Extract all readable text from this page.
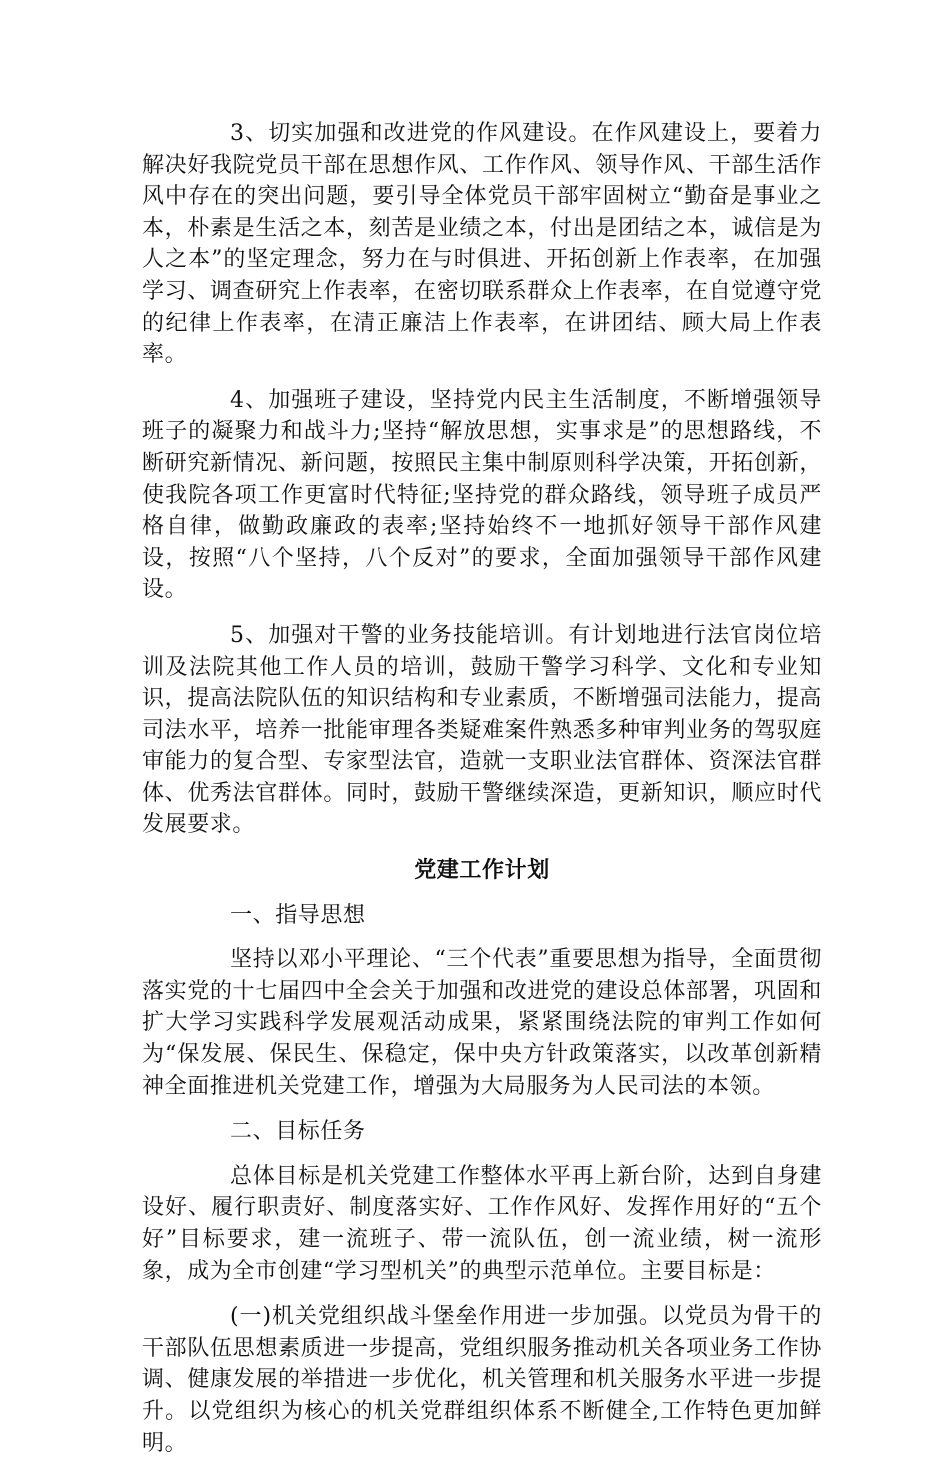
3、切实加强和改进党的作风建设。在作风建设上，要着力解决好我院党员干部在思想作风、工作作风、领导作风、干部生活作风中存在的突出问题，要引导全体党员干部牢固树立“勤奋是事业之本，朴素是生活之本，刻苦是业绩之本，付出是团结之本，诚信是为人之本”的坚定理念，努力在与时俱进、开拓创新上作表率，在加强学习、调查研究上作表率，在密切联系群众上作表率，在自觉遵守党的纪律上作表率，在清正廉洁上作表率，在讲团结、顾大局上作表率。

4、加强班子建设，坚持党内民主生活制度，不断增强领导班子的凝聚力和战斗力;坚持“解放思想，实事求是”的思想路线，不断研究新情况、新问题，按照民主集中制原则科学决策，开拓创新，使我院各项工作更富时代特征;坚持党的群众路线，领导班子成员严格自律，做勤政廉政的表率;坚持始终不一地抓好领导干部作风建设，按照“八个坚持，八个反对”的要求，全面加强领导干部作风建设。

5、加强对干警的业务技能培训。有计划地进行法官岗位培训及法院其他工作人员的培训，鼓励干警学习科学、文化和专业知识，提高法院队伍的知识结构和专业素质，不断增强司法能力，提高司法水平，培养一批能审理各类疑难案件熟悉多种审判业务的驾驭庭审能力的复合型、专家型法官，造就一支职业法官群体、资深法官群体、优秀法官群体。同时，鼓励干警继续深造，更新知识，顺应时代发展要求。

党建工作计划
一、指导思想

坚持以邓小平理论、“三个代表”重要思想为指导，全面贯彻落实党的十七届四中全会关于加强和改进党的建设总体部署，巩固和扩大学习实践科学发展观活动成果，紧紧围绕法院的审判工作如何为“保发展、保民生、保稳定，保中央方针政策落实，以改革创新精神全面推进机关党建工作，增强为大局服务为人民司法的本领。

二、目标任务

总体目标是机关党建工作整体水平再上新台阶，达到自身建设好、履行职责好、制度落实好、工作作风好、发挥作用好的“五个好”目标要求，建一流班子、带一流队伍，创一流业绩，树一流形象，成为全市创建“学习型机关”的典型示范单位。主要目标是：

(一)机关党组织战斗堡垒作用进一步加强。以党员为骨干的干部队伍思想素质进一步提高，党组织服务推动机关各项业务工作协调、健康发展的举措进一步优化，机关管理和机关服务水平进一步提升。以党组织为核心的机关党群组织体系不断健全,工作特色更加鲜明。
